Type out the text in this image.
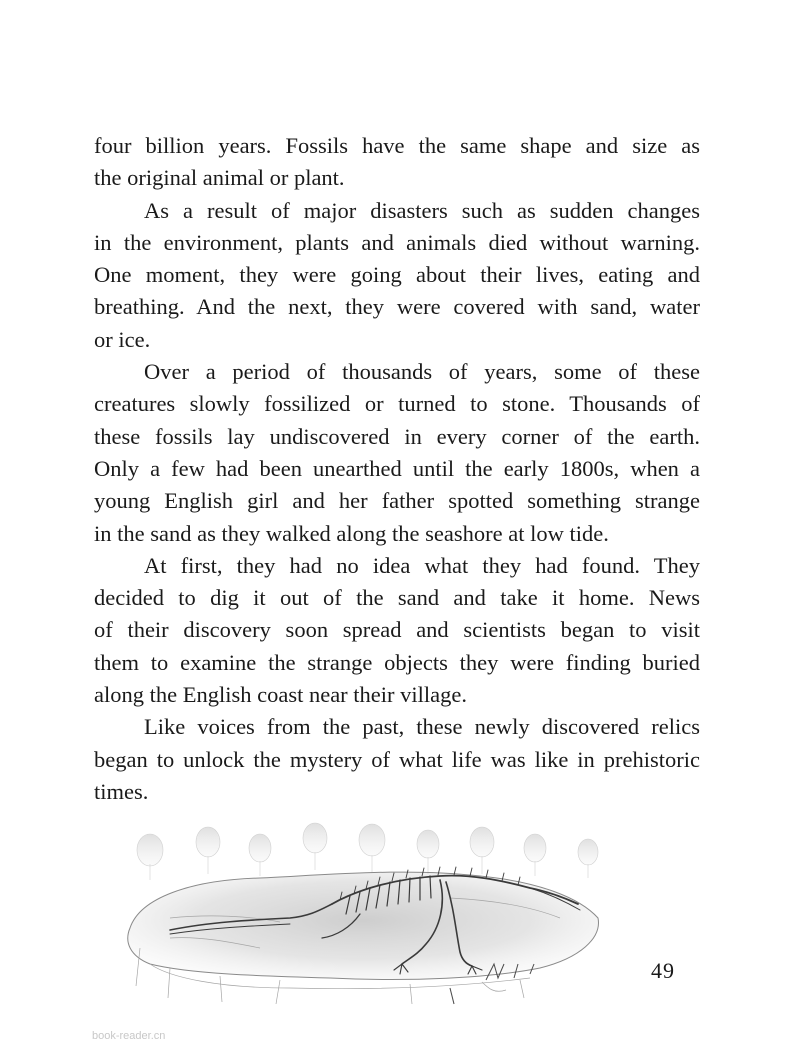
four billion years. Fossils have the same shape and size as
the original animal or plant.
As a result of major disasters such as sudden changes
in the environment, plants and animals died without warning.
One moment, they were going about their lives, eating and
breathing. And the next, they were covered with sand, water
or ice.
Over a period of thousands of years, some of these
creatures slowly fossilized or turned to stone. Thousands of
these fossils lay undiscovered in every corner of the earth.
Only a few had been unearthed until the early 1800s, when a
young English girl and her father spotted something strange
in the sand as they walked along the seashore at low tide.
At first, they had no idea what they had found. They
decided to dig it out of the sand and take it home. News
of their discovery soon spread and scientists began to visit
them to examine the strange objects they were finding buried
along the English coast near their village.
Like voices from the past, these newly discovered relics
began to unlock the mystery of what life was like in prehistoric
times.
49
book-reader.cn
